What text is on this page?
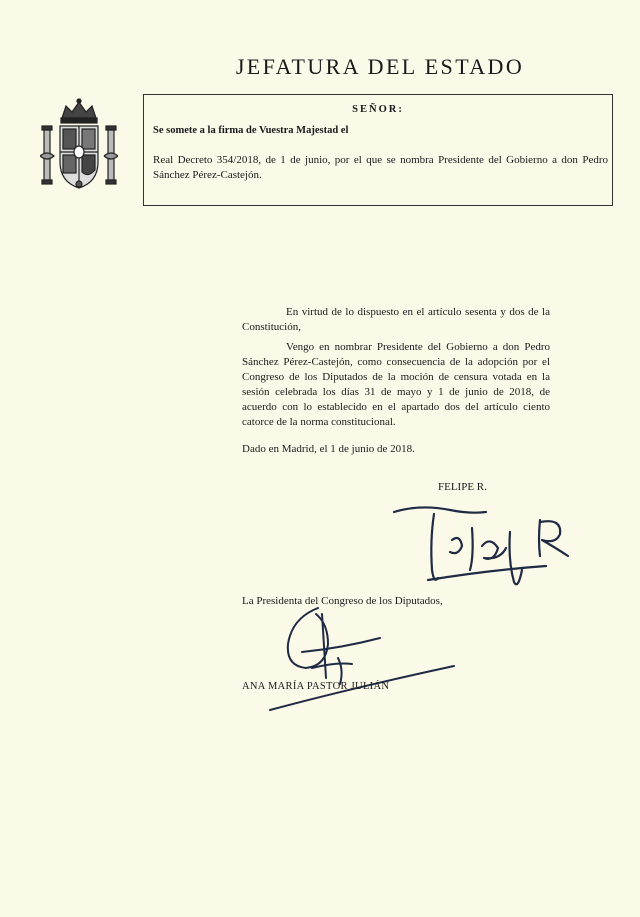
JEFATURA DEL ESTADO
SEÑOR:
Se somete a la firma de Vuestra Majestad el
Real Decreto 354/2018, de 1 de junio, por el que se nombra Presidente del Gobierno a don Pedro Sánchez Pérez-Castejón.
En virtud de lo dispuesto en el artículo sesenta y dos de la Constitución,
Vengo en nombrar Presidente del Gobierno a don Pedro Sánchez Pérez-Castejón, como consecuencia de la adopción por el Congreso de los Diputados de la moción de censura votada en la sesión celebrada los días 31 de mayo y 1 de junio de 2018, de acuerdo con lo establecido en el apartado dos del artículo ciento catorce de la norma constitucional.
Dado en Madrid, el 1 de junio de 2018.
FELIPE R.
La Presidenta del Congreso de los Diputados,
ANA MARÍA PASTOR JULIÁN
